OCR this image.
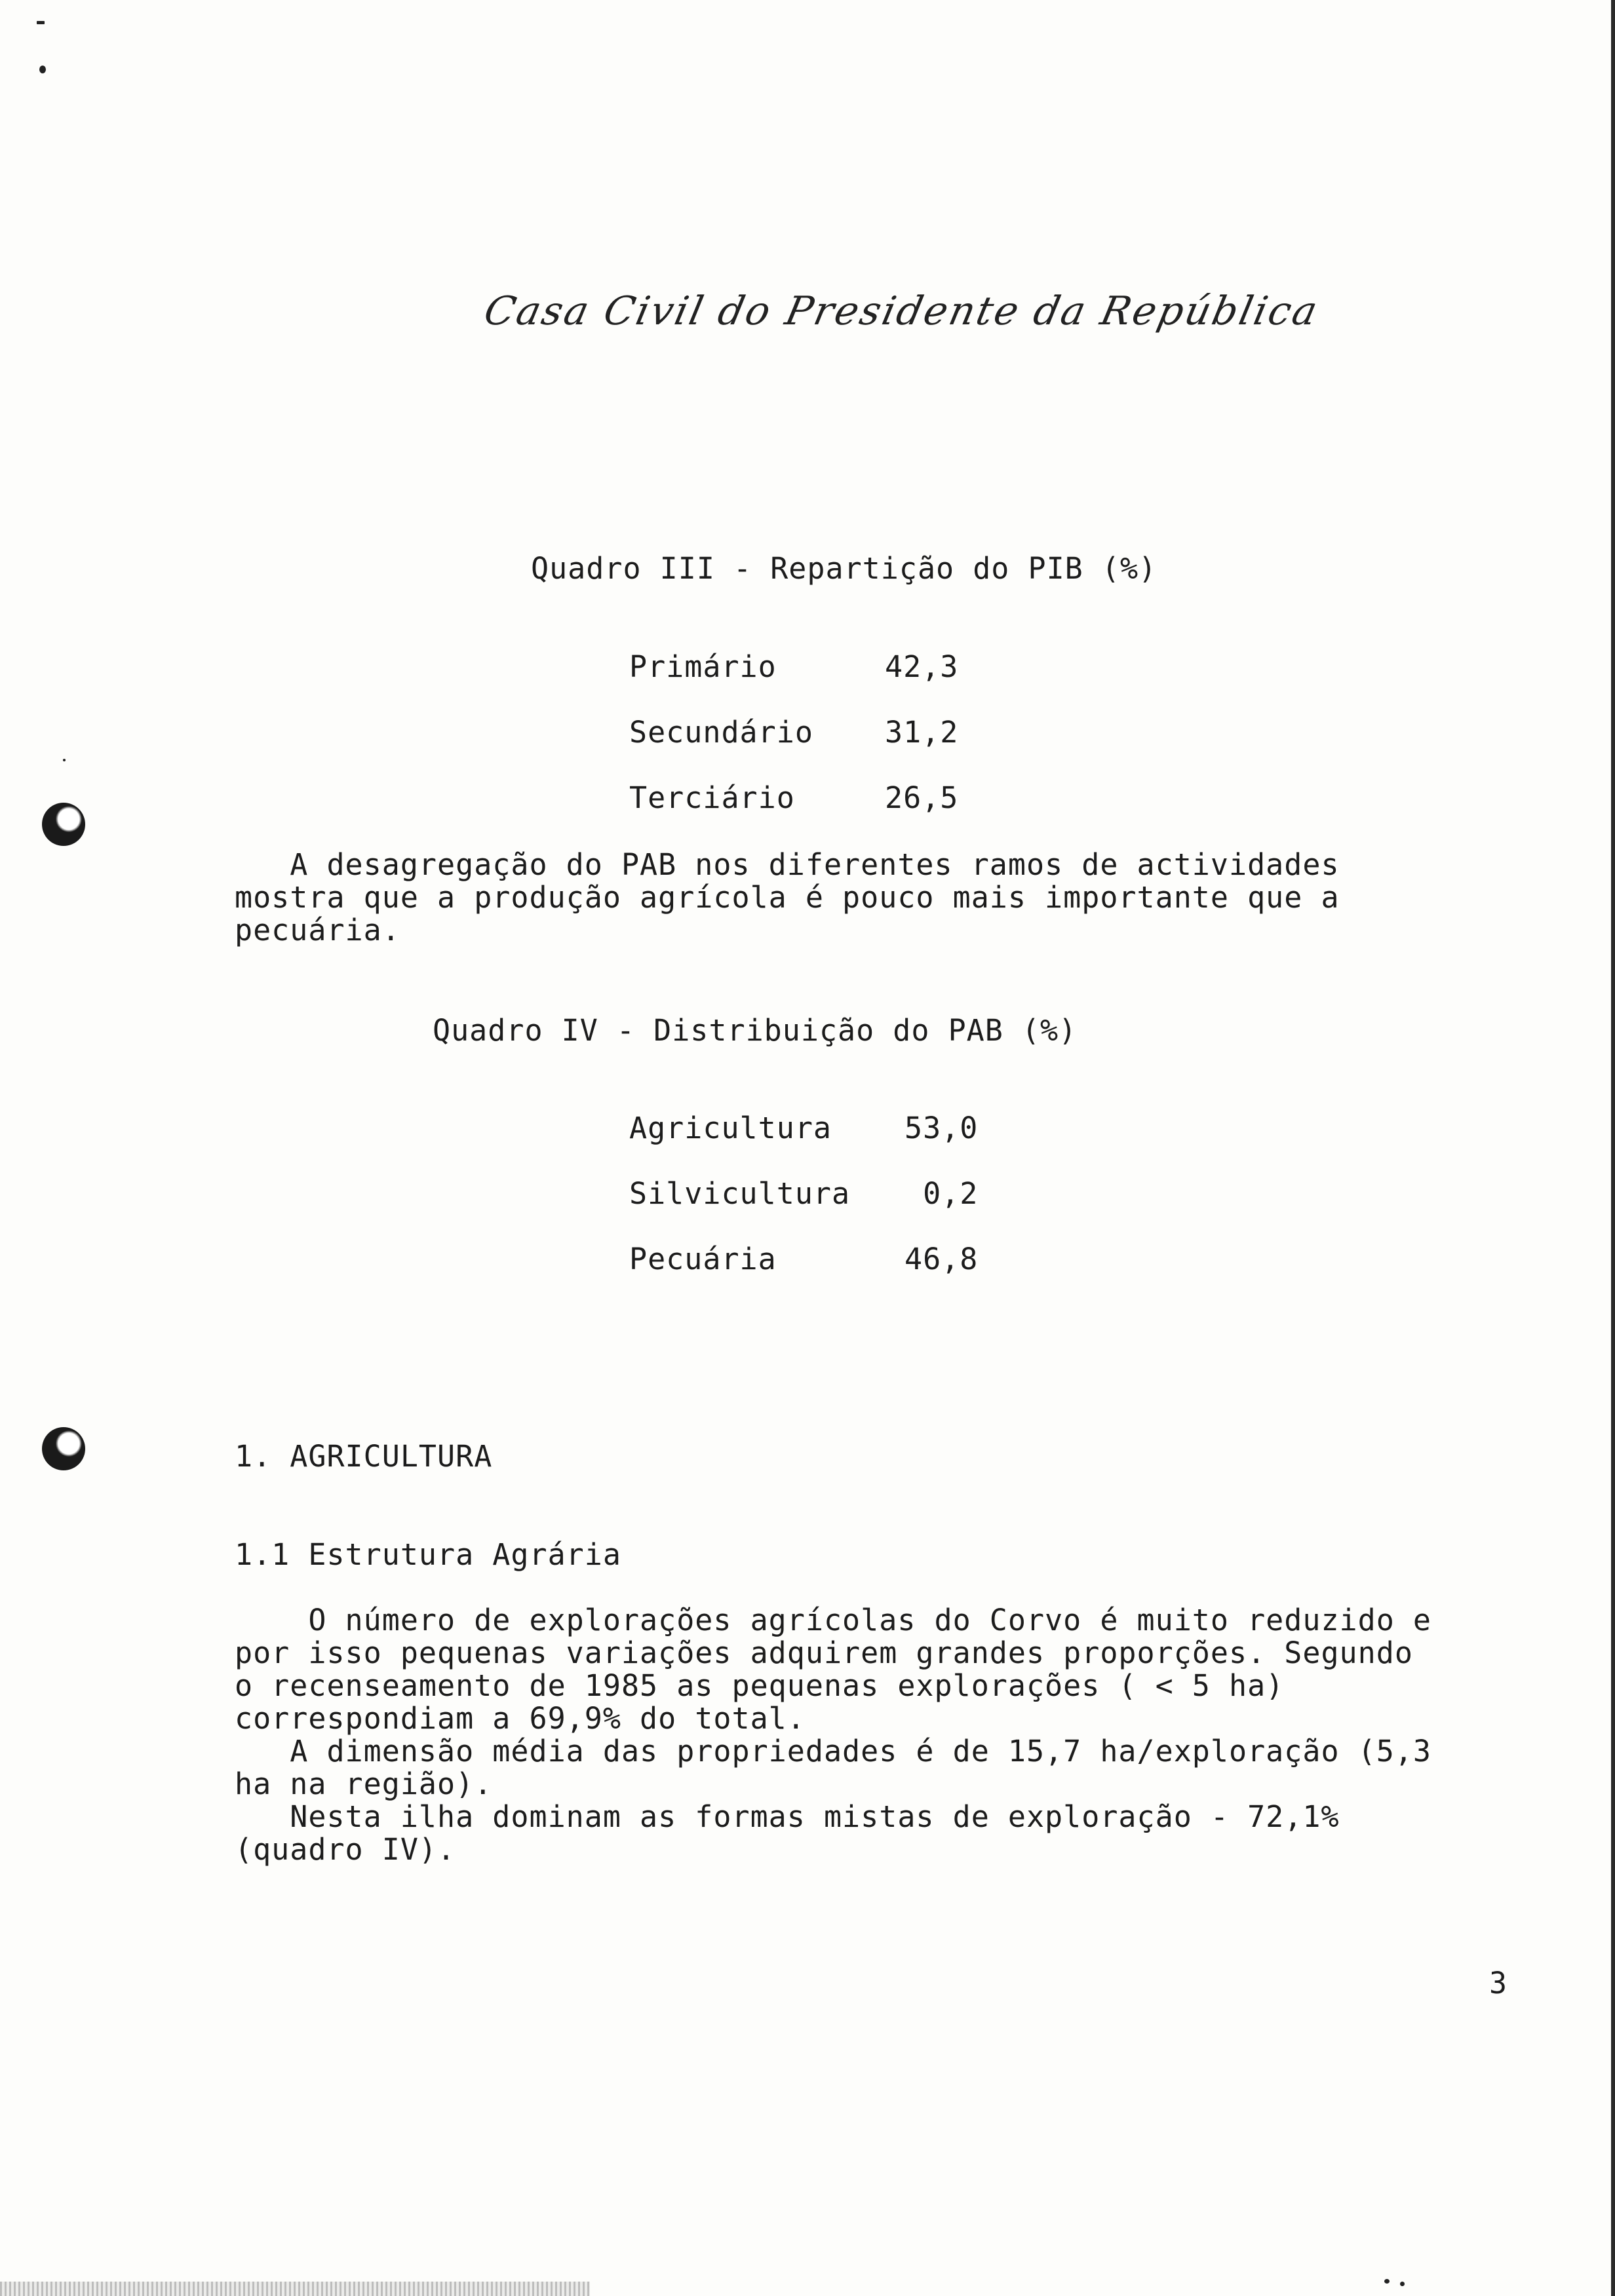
Casa Civil do Presidente da República
Quadro III - Repartição do PIB (%)
Primário	42,3
Secundário 31,2
Terciário	26,5
A desagregação do PAB nos diferentes ramos de actividades
mostra que a produção agrícola é pouco mais importante que a
pecuária.
Quadro IV - Distribuição do PAB (%)
Agricultura 53,0
Silvicultura 0,2
Pecuária	46,8
1. AGRICULTURA
1.1 Estrutura Agrária
O número de explorações agrícolas do Corvo é muito reduzido e
por isso pequenas variações adquirem grandes proporções. Segundo
o recenseamento de 1985 as pequenas explorações ( < 5 ha)
correspondiam a 69,9% do total.
A dimensão média das propriedades é de 15,7 ha/exploração (5,3
ha na região).
Nesta ilha dominam as formas mistas de exploração - 72,1%
(quadro IV).
3
